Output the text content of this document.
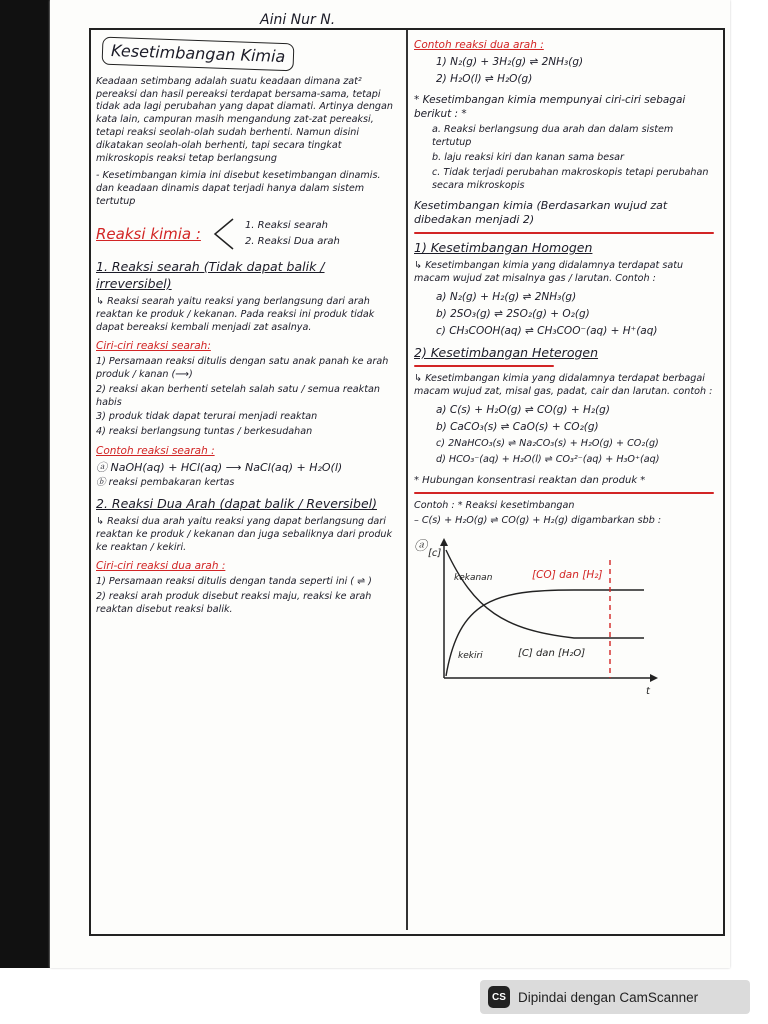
Aini Nur N.
Kesetimbangan Kimia

Keadaan setimbang adalah suatu keadaan dimana zat² pereaksi dan hasil pereaksi terdapat bersama-sama, tetapi tidak ada lagi perubahan yang dapat diamati. Artinya dengan kata lain, campuran masih mengandung zat-zat pereaksi, tetapi reaksi seolah-olah sudah berhenti. Namun disini dikatakan seolah-olah berhenti, tapi secara tingkat mikroskopis reaksi tetap berlangsung

- Kesetimbangan kimia ini disebut kesetimbangan dinamis. dan keadaan dinamis dapat terjadi hanya dalam sistem tertutup

Reaksi kimia :	1. Reaksi searah
2. Reaksi Dua arah
1. Reaksi searah (Tidak dapat balik / irreversibel)

↳ Reaksi searah yaitu reaksi yang berlangsung dari arah reaktan ke produk / kekanan. Pada reaksi ini produk tidak dapat bereaksi kembali menjadi zat asalnya.

Ciri-ciri reaksi searah:
1) Persamaan reaksi ditulis dengan satu anak panah ke arah produk / kanan (⟶)
2) reaksi akan berhenti setelah salah satu / semua reaktan habis
3) produk tidak dapat terurai menjadi reaktan
4) reaksi berlangsung tuntas / berkesudahan
Contoh reaksi searah :
ⓐ NaOH(aq) + HCl(aq) ⟶ NaCl(aq) + H₂O(l)
ⓑ reaksi pembakaran kertas
2. Reaksi Dua Arah (dapat balik / Reversibel)

↳ Reaksi dua arah yaitu reaksi yang dapat berlangsung dari reaktan ke produk / kekanan dan juga sebaliknya dari produk ke reaktan / kekiri.

Ciri-ciri reaksi dua arah :
1) Persamaan reaksi ditulis dengan tanda seperti ini ( ⇌ )
2) reaksi arah produk disebut reaksi maju, reaksi ke arah reaktan disebut reaksi balik.
Contoh reaksi dua arah :
1) N₂(g) + 3H₂(g) ⇌ 2NH₃(g)
2) H₂O(l) ⇌ H₂O(g)
* Kesetimbangan kimia mempunyai ciri-ciri sebagai berikut : *
a. Reaksi berlangsung dua arah dan dalam sistem tertutup
b. laju reaksi kiri dan kanan sama besar
c. Tidak terjadi perubahan makroskopis tetapi perubahan secara mikroskopis
Kesetimbangan kimia (Berdasarkan wujud zat dibedakan menjadi 2)
1) Kesetimbangan Homogen

↳ Kesetimbangan kimia yang didalamnya terdapat satu macam wujud zat misalnya gas / larutan. Contoh :

a) N₂(g) + H₂(g) ⇌ 2NH₃(g)
b) 2SO₃(g) ⇌ 2SO₂(g) + O₂(g)
c) CH₃COOH(aq) ⇌ CH₃COO⁻(aq) + H⁺(aq)
2) Kesetimbangan Heterogen

↳ Kesetimbangan kimia yang didalamnya terdapat berbagai macam wujud zat, misal gas, padat, cair dan larutan. contoh :

a) C(s) + H₂O(g) ⇌ CO(g) + H₂(g)
b) CaCO₃(s) ⇌ CaO(s) + CO₂(g)
c) 2NaHCO₃(s) ⇌ Na₂CO₃(s) + H₂O(g) + CO₂(g)
d) HCO₃⁻(aq) + H₂O(l) ⇌ CO₃²⁻(aq) + H₃O⁺(aq)
* Hubungan konsentrasi reaktan dan produk *
Contoh : * Reaksi kesetimbangan
– C(s) + H₂O(g) ⇌ CO(g) + H₂(g) digambarkan sbb :
ⓐ [c]
t
kekanan
kekiri
[CO] dan [H₂]
[C] dan [H₂O]
CS Dipindai dengan CamScanner
